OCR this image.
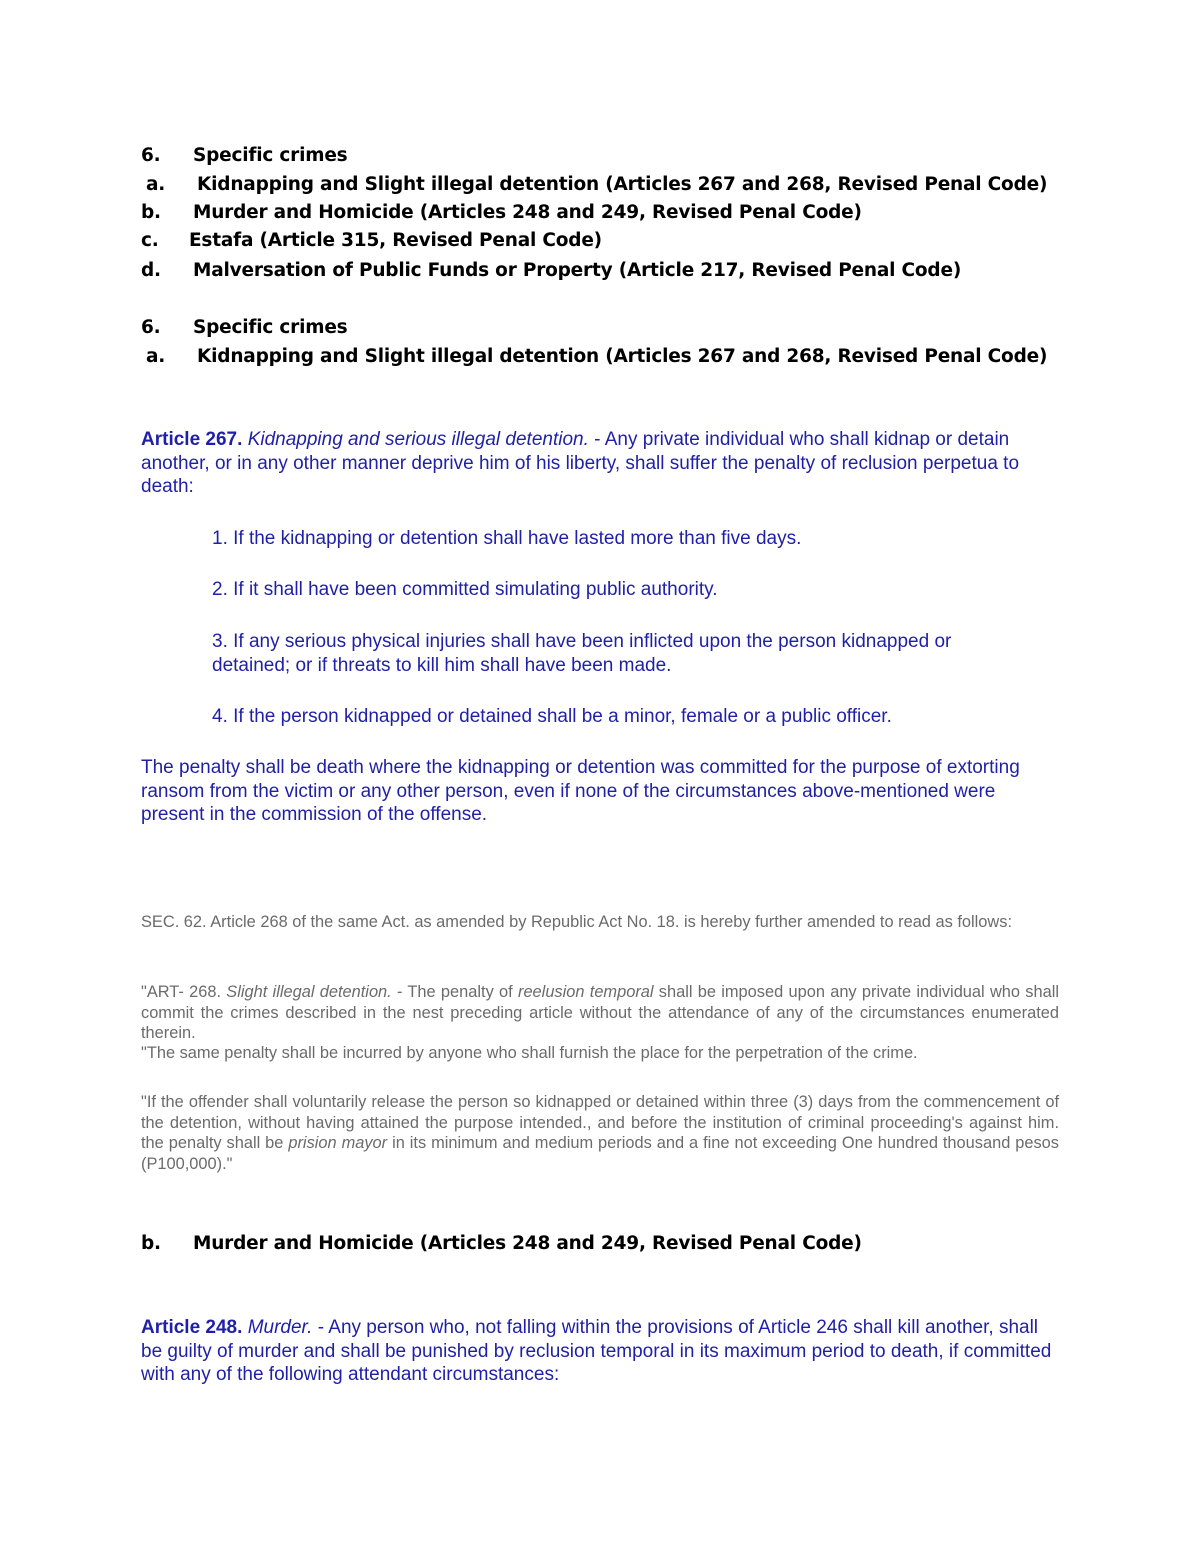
6. Specific crimes
a. Kidnapping and Slight illegal detention (Articles 267 and 268, Revised Penal Code)
b. Murder and Homicide (Articles 248 and 249, Revised Penal Code)
c. Estafa (Article 315, Revised Penal Code)
d. Malversation of Public Funds or Property (Article 217, Revised Penal Code)
6. Specific crimes
a. Kidnapping and Slight illegal detention (Articles 267 and 268, Revised Penal Code)

Article 267. Kidnapping and serious illegal detention. - Any private individual who shall kidnap or detain another, or in any other manner deprive him of his liberty, shall suffer the penalty of reclusion perpetua to death:

1. If the kidnapping or detention shall have lasted more than five days.

2. If it shall have been committed simulating public authority.

3. If any serious physical injuries shall have been inflicted upon the person kidnapped or detained; or if threats to kill him shall have been made.

4. If the person kidnapped or detained shall be a minor, female or a public officer.

The penalty shall be death where the kidnapping or detention was committed for the purpose of extorting ransom from the victim or any other person, even if none of the circumstances above-mentioned were present in the commission of the offense.

SEC. 62. Article 268 of the same Act. as amended by Republic Act No. 18. is hereby further amended to read as follows:

"ART- 268. Slight illegal detention. - The penalty of reelusion temporal shall be imposed upon any private individual who shall commit the crimes described in the nest preceding article without the attendance of any of the circumstances enumerated therein.

"The same penalty shall be incurred by anyone who shall furnish the place for the perpetration of the crime.

"If the offender shall voluntarily release the person so kidnapped or detained within three (3) days from the commencement of the detention, without having attained the purpose intended., and before the institution of criminal proceeding's against him. the penalty shall be prision mayor in its minimum and medium periods and a fine not exceeding One hundred thousand pesos (P100,000)."

b. Murder and Homicide (Articles 248 and 249, Revised Penal Code)

Article 248. Murder. - Any person who, not falling within the provisions of Article 246 shall kill another, shall be guilty of murder and shall be punished by reclusion temporal in its maximum period to death, if committed with any of the following attendant circumstances:
